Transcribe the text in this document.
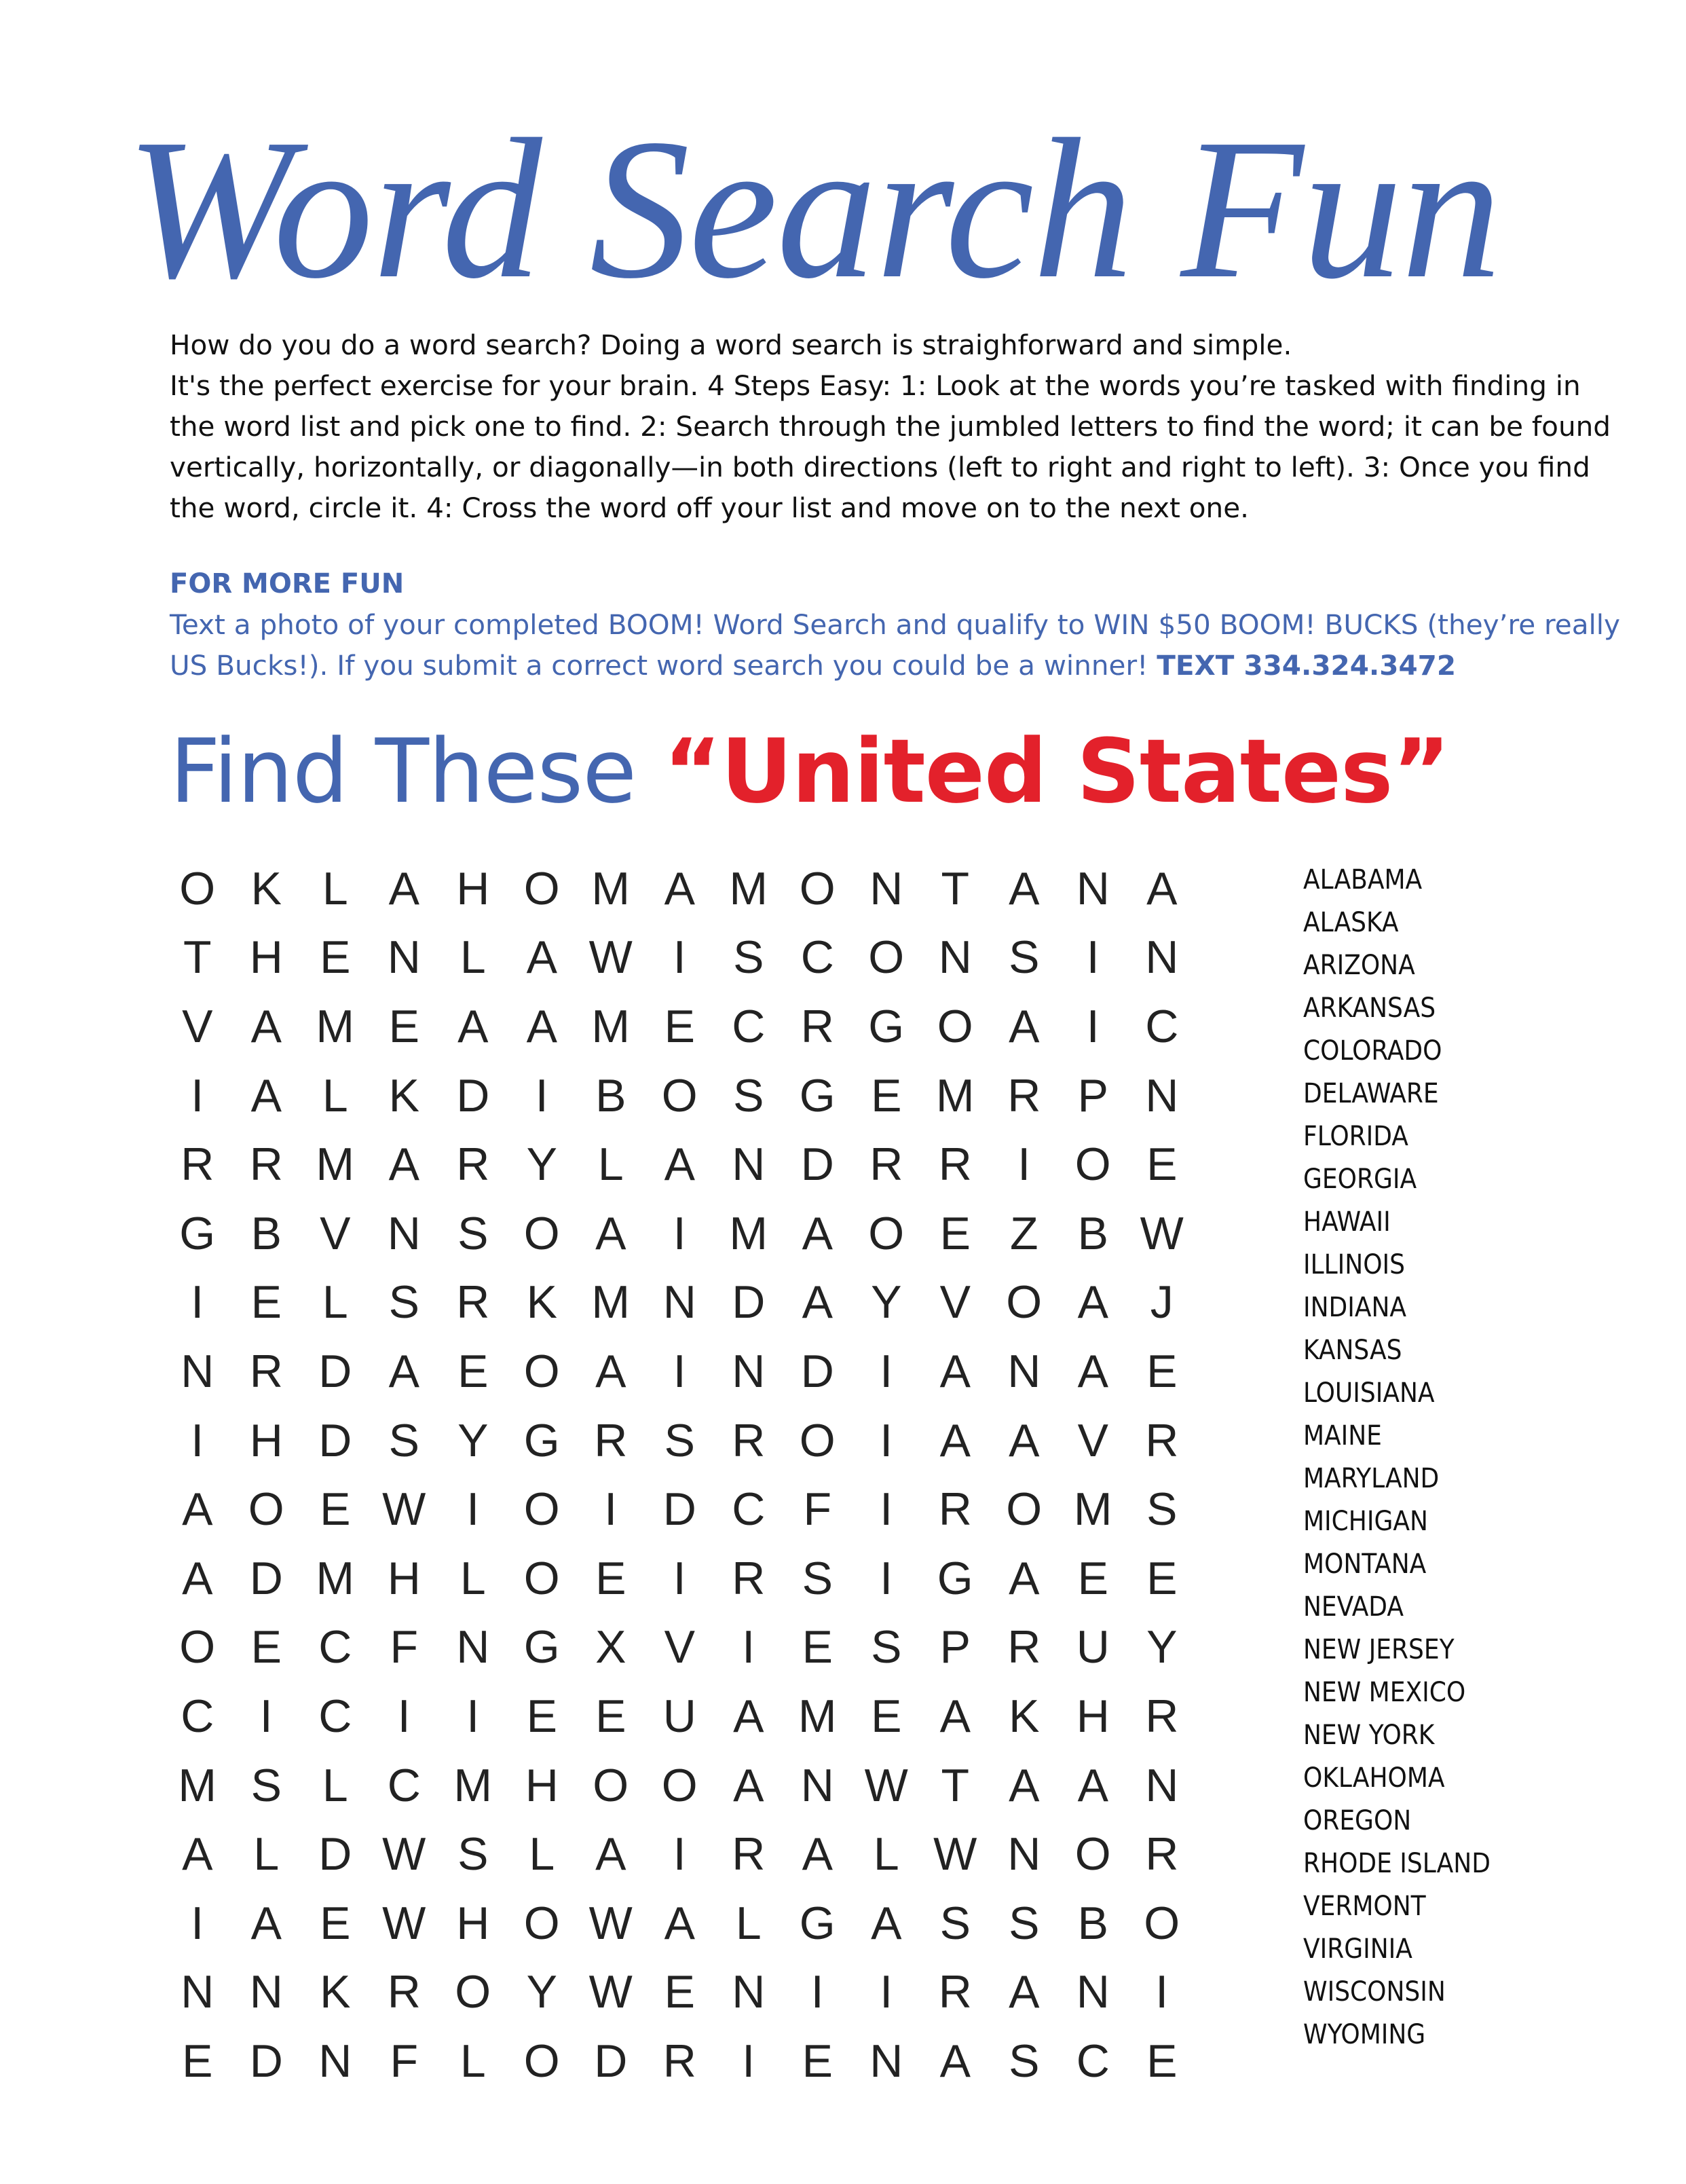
Word Search Fun

How do you do a word search? Doing a word search is straighforward and simple.

It's the perfect exercise for your brain. 4 Steps Easy: 1: Look at the words you’re tasked with finding in the word list and pick one to find. 2: Search through the jumbled letters to find the word; it can be found vertically, horizontally, or diagonally—in both directions (left to right and right to left). 3: Once you find the word, circle it. 4: Cross the word off your list and move on to the next one.

FOR MORE FUN
Text a photo of your completed BOOM! Word Search and qualify to WIN $50 BOOM! BUCKS (they’re really US Bucks!). If you submit a correct word search you could be a winner! TEXT 334.324.3472
Find These “United States”
O K L A H O M A M O N T A N A
T H E N L A W I	S C O N S	I N
V A M E A A M E C R G O A	I C
I	A L K D I	B O S G E M R P N
R R M A R Y L A N D R R I O E
G B V N S O A	I M A O E Z B W
I	E L S R K M N D A Y V O A J
N R D A E O A	I N D I	A N A E
I H D S Y G R S R O I	A A V R
A O E W I O I D C F	I R O M S
A D M H L O E	I R S	I G A E E
O E C F N G X V	I	E S P R U Y
C I C I	I	E E U A M E A K H R
M S L C M H O O A N W T A A N
A L D W S L A	I R A L W N O R
I	A E W H O W A L G A S S B O
N N K R O Y W E N I	I R A N I
E D N F L O D R I	E N A S C E
ALABAMA
ALASKA
ARIZONA
ARKANSAS
COLORADO
DELAWARE
FLORIDA
GEORGIA
HAWAII
ILLINOIS
INDIANA
KANSAS
LOUISIANA
MAINE
MARYLAND
MICHIGAN
MONTANA
NEVADA
NEW JERSEY
NEW MEXICO
NEW YORK
OKLAHOMA
OREGON
RHODE ISLAND
VERMONT
VIRGINIA
WISCONSIN
WYOMING
